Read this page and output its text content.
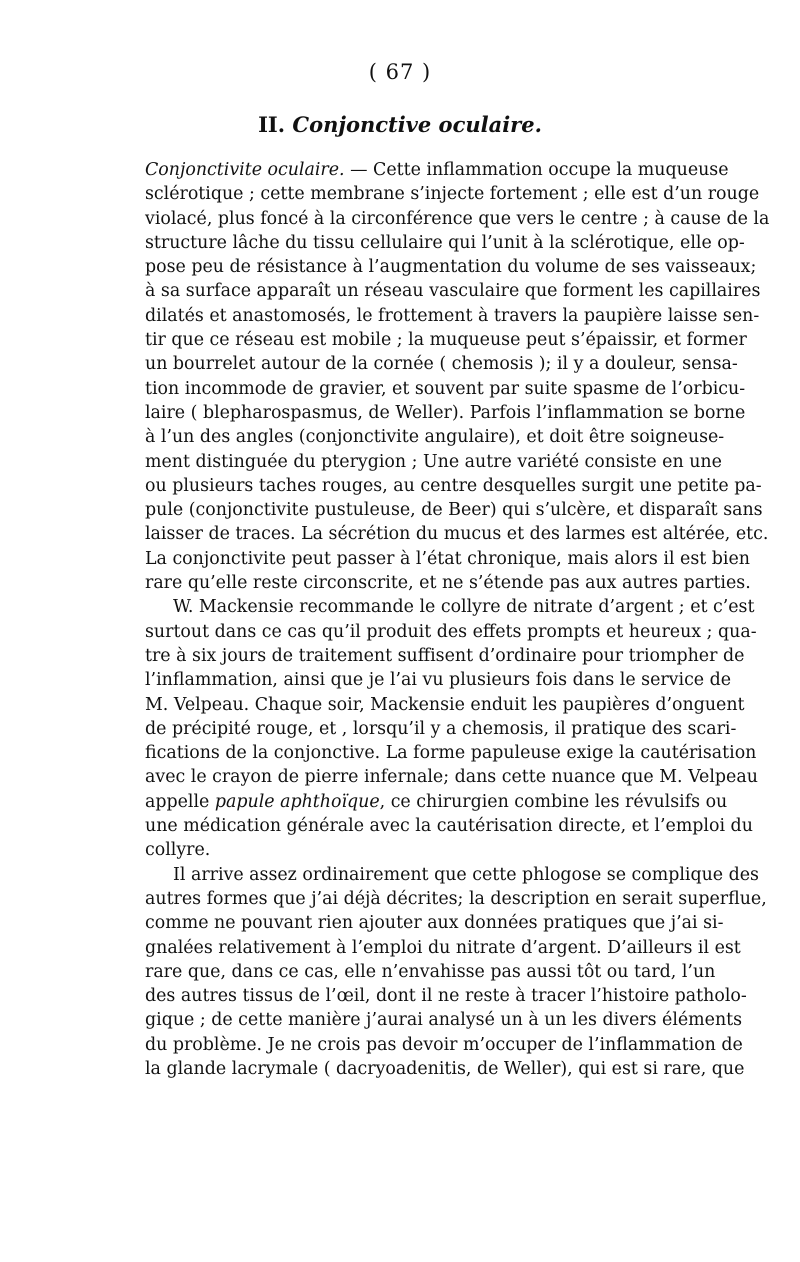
( 67 )
II. Conjonctive oculaire.
Conjonctivite oculaire. — Cette inflammation occupe la muqueuse
sclérotique ; cette membrane s’injecte fortement ; elle est d’un rouge
violacé, plus foncé à la circonférence que vers le centre ; à cause de la
structure lâche du tissu cellulaire qui l’unit à la sclérotique, elle op-
pose peu de résistance à l’augmentation du volume de ses vaisseaux;
à sa surface apparaît un réseau vasculaire que forment les capillaires
dilatés et anastomosés, le frottement à travers la paupière laisse sen-
tir que ce réseau est mobile ; la muqueuse peut s’épaissir, et former
un bourrelet autour de la cornée ( chemosis ); il y a douleur, sensa-
tion incommode de gravier, et souvent par suite spasme de l’orbicu-
laire ( blepharospasmus, de Weller). Parfois l’inflammation se borne
à l’un des angles (conjonctivite angulaire), et doit être soigneuse-
ment distinguée du pterygion ; Une autre variété consiste en une
ou plusieurs taches rouges, au centre desquelles surgit une petite pa-
pule (conjonctivite pustuleuse, de Beer) qui s’ulcère, et disparaît sans
laisser de traces. La sécrétion du mucus et des larmes est altérée, etc.
La conjonctivite peut passer à l’état chronique, mais alors il est bien
rare qu’elle reste circonscrite, et ne s’étende pas aux autres parties.
W. Mackensie recommande le collyre de nitrate d’argent ; et c’est
surtout dans ce cas qu’il produit des effets prompts et heureux ; qua-
tre à six jours de traitement suffisent d’ordinaire pour triompher de
l’inflammation, ainsi que je l’ai vu plusieurs fois dans le service de
M. Velpeau. Chaque soir, Mackensie enduit les paupières d’onguent
de précipité rouge, et , lorsqu’il y a chemosis, il pratique des scari-
fications de la conjonctive. La forme papuleuse exige la cautérisation
avec le crayon de pierre infernale; dans cette nuance que M. Velpeau
appelle papule aphthoïque, ce chirurgien combine les révulsifs ou
une médication générale avec la cautérisation directe, et l’emploi du
collyre.
Il arrive assez ordinairement que cette phlogose se complique des
autres formes que j’ai déjà décrites; la description en serait superflue,
comme ne pouvant rien ajouter aux données pratiques que j’ai si-
gnalées relativement à l’emploi du nitrate d’argent. D’ailleurs il est
rare que, dans ce cas, elle n’envahisse pas aussi tôt ou tard, l’un
des autres tissus de l’œil, dont il ne reste à tracer l’histoire patholo-
gique ; de cette manière j’aurai analysé un à un les divers éléments
du problème. Je ne crois pas devoir m’occuper de l’inflammation de
la glande lacrymale ( dacryoadenitis, de Weller), qui est si rare, que
